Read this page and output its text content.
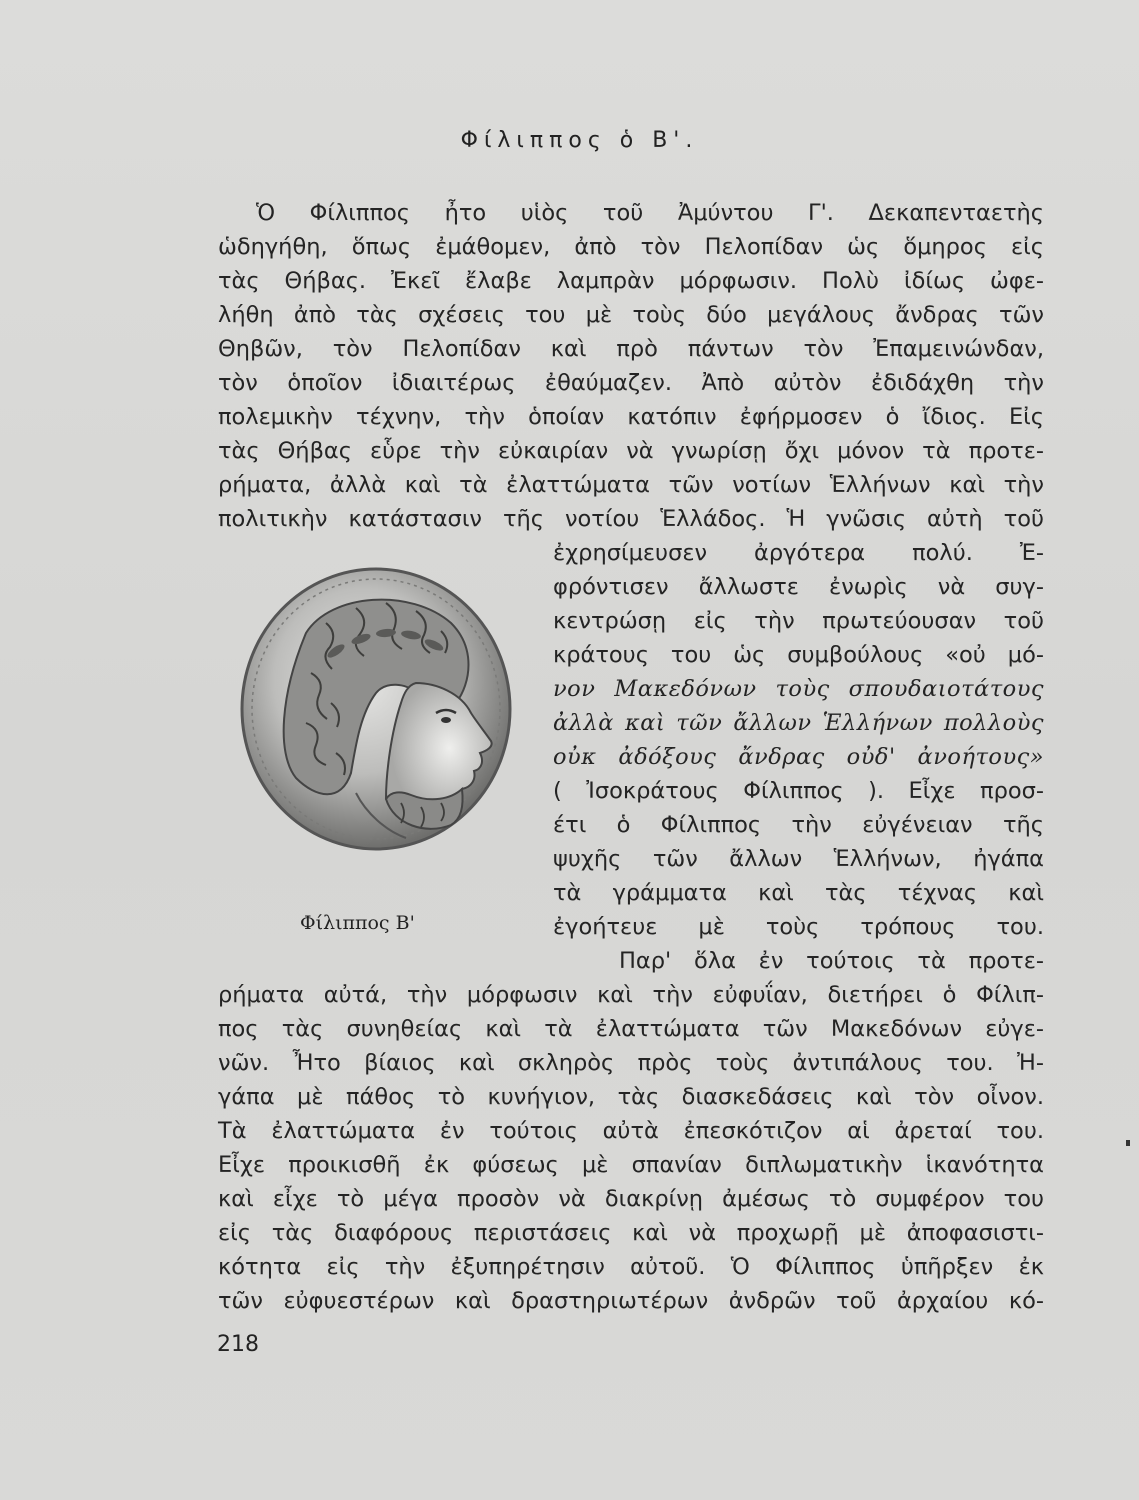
Φίλιππος ὁ Β'.
Ὁ Φίλιππος ἦτο υἱὸς τοῦ Ἀμύντου Γ'. Δεκαπενταετὴς
ὡδηγήθη, ὅπως ἐμάθομεν, ἀπὸ τὸν Πελοπίδαν ὡς ὅμηρος εἰς
τὰς Θήβας. Ἐκεῖ ἔλαβε λαμπρὰν μόρφωσιν. Πολὺ ἰδίως ὠφε-
λήθη ἀπὸ τὰς σχέσεις του μὲ τοὺς δύο μεγάλους ἄνδρας τῶν
Θηβῶν, τὸν Πελοπίδαν καὶ πρὸ πάντων τὸν Ἐπαμεινώνδαν,
τὸν ὁποῖον ἰδιαιτέρως ἐθαύμαζεν. Ἀπὸ αὐτὸν ἐδιδάχθη τὴν
πολεμικὴν τέχνην, τὴν ὁποίαν κατόπιν ἐφήρμοσεν ὁ ἴδιος. Εἰς
τὰς Θήβας εὗρε τὴν εὐκαιρίαν νὰ γνωρίσῃ ὄχι μόνον τὰ προτε-
ρήματα, ἀλλὰ καὶ τὰ ἐλαττώματα τῶν νοτίων Ἑλλήνων καὶ τὴν
πολιτικὴν κατάστασιν τῆς νοτίου Ἑλλάδος. Ἡ γνῶσις αὐτὴ τοῦ
ἐχρησίμευσεν ἀργότερα πολύ. Ἐ-
φρόντισεν ἄλλωστε ἐνωρὶς νὰ συγ-
κεντρώσῃ εἰς τὴν πρωτεύουσαν τοῦ
κράτους του ὡς συμβούλους «οὐ μό-
νον Μακεδόνων τοὺς σπουδαιοτάτους
ἀλλὰ καὶ τῶν ἄλλων Ἑλλήνων πολλοὺς
οὐκ ἀδόξους ἄνδρας οὐδ' ἀνοήτους»
( Ἰσοκράτους Φίλιππος ). Εἶχε προσ-
έτι ὁ Φίλιππος τὴν εὐγένειαν τῆς
ψυχῆς τῶν ἄλλων Ἑλλήνων, ἠγάπα
τὰ γράμματα καὶ τὰς τέχνας καὶ
ἐγοήτευε μὲ τοὺς τρόπους του.
Παρ' ὅλα ἐν τούτοις τὰ προτε-
ρήματα αὐτά, τὴν μόρφωσιν καὶ τὴν εὐφυΐαν, διετήρει ὁ Φίλιπ-
πος τὰς συνηθείας καὶ τὰ ἐλαττώματα τῶν Μακεδόνων εὐγε-
νῶν. Ἦτο βίαιος καὶ σκληρὸς πρὸς τοὺς ἀντιπάλους του. Ἠ-
γάπα μὲ πάθος τὸ κυνήγιον, τὰς διασκεδάσεις καὶ τὸν οἶνον.
Τὰ ἐλαττώματα ἐν τούτοις αὐτὰ ἐπεσκότιζον αἱ ἀρεταί του.
Εἶχε προικισθῆ ἐκ φύσεως μὲ σπανίαν διπλωματικὴν ἱκανότητα
καὶ εἶχε τὸ μέγα προσὸν νὰ διακρίνῃ ἀμέσως τὸ συμφέρον του
εἰς τὰς διαφόρους περιστάσεις καὶ νὰ προχωρῇ μὲ ἀποφασιστι-
κότητα εἰς τὴν ἐξυπηρέτησιν αὐτοῦ. Ὁ Φίλιππος ὑπῆρξεν ἐκ
τῶν εὐφυεστέρων καὶ δραστηριωτέρων ἀνδρῶν τοῦ ἀρχαίου κό-
Φίλιππος Β'
218
